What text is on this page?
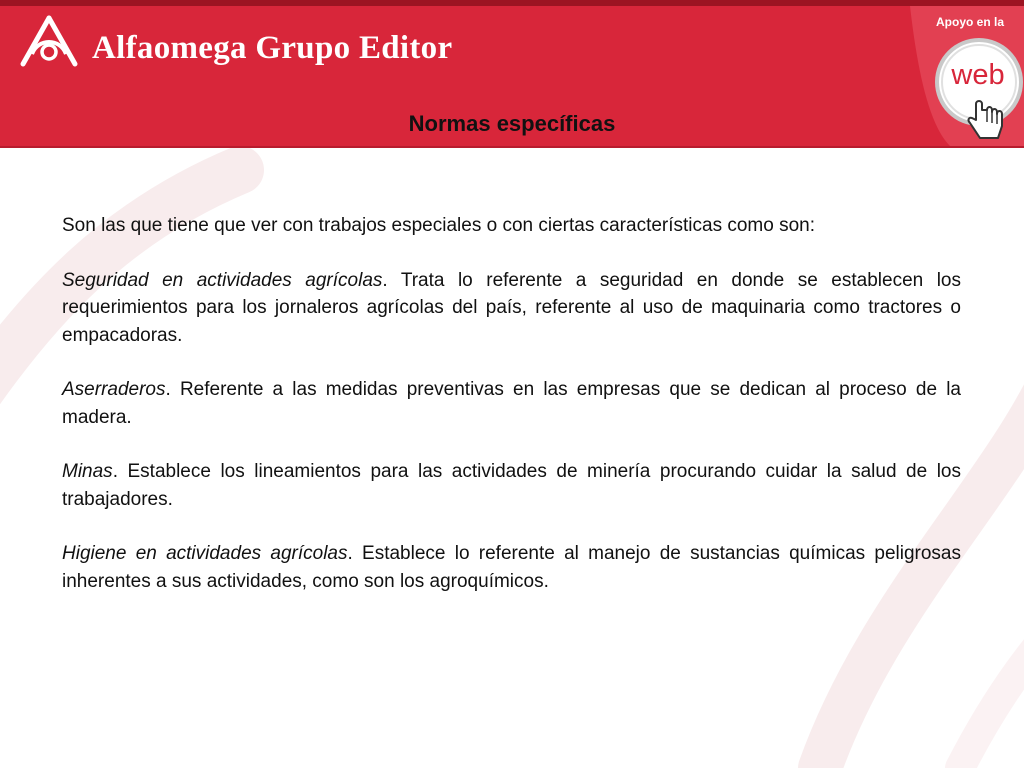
Alfaomega Grupo Editor
Apoyo en la
web
Normas específicas

Son las que tiene que ver con trabajos especiales o con ciertas características como son:

Seguridad en actividades agrícolas. Trata lo referente a seguridad en donde se establecen los requerimientos para los jornaleros agrícolas del país, referente al uso de maquinaria como tractores o empacadoras.

Aserraderos. Referente a las medidas preventivas en las empresas que se dedican al proceso de la madera.

Minas. Establece los lineamientos para las actividades de minería procurando cuidar la salud de los trabajadores.

Higiene en actividades agrícolas. Establece lo referente al manejo de sustancias químicas peligrosas inherentes a sus actividades, como son los agroquímicos.
